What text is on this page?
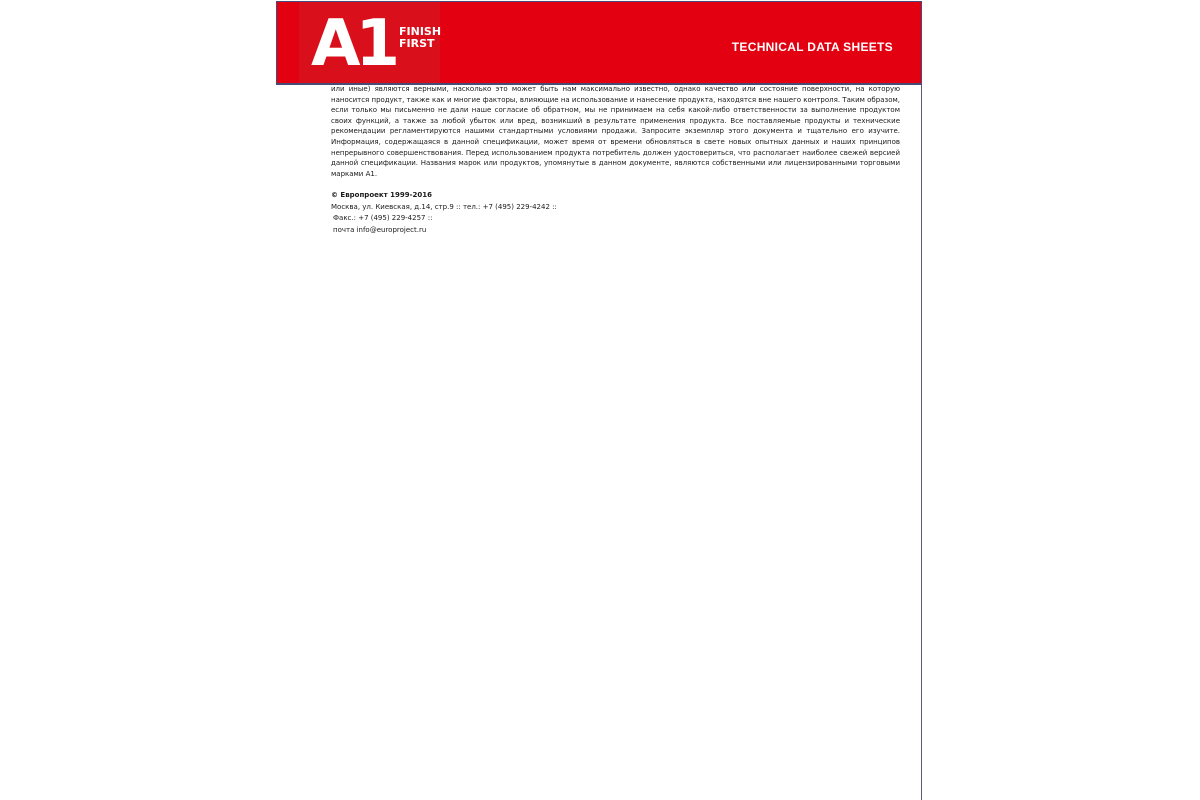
A1 FINISH
FIRST	TECHNICAL DATA SHEETS

или иные) являются верными, насколько это может быть нам максимально известно, однако качество или состояние поверхности, на которую наносится продукт, также как и многие факторы, влияющие на использование и нанесение продукта, находятся вне нашего контроля. Таким образом, если только мы письменно не дали наше согласие об обратном, мы не принимаем на себя какой-либо ответственности за выполнение продуктом своих функций, а также за любой убыток или вред, возникший в результате применения продукта. Все поставляемые продукты и технические рекомендации регламентируются нашими стандартными условиями продажи. Запросите экземпляр этого документа и тщательно его изучите. Информация, содержащаяся в данной спецификации, может время от времени обновляться в свете новых опытных данных и наших принципов непрерывного совершенствования. Перед использованием продукта потребитель должен удостовериться, что располагает наиболее свежей версией данной спецификации. Названия марок или продуктов, упомянутые в данном документе, являются собственными или лицензированными торговыми марками А1.

© Европроект 1999-2016
Москва, ул. Киевская, д.14, стр.9 :: тел.: +7 (495) 229-4242 ::
Факс.: +7 (495) 229-4257 ::
почта info@europroject.ru
